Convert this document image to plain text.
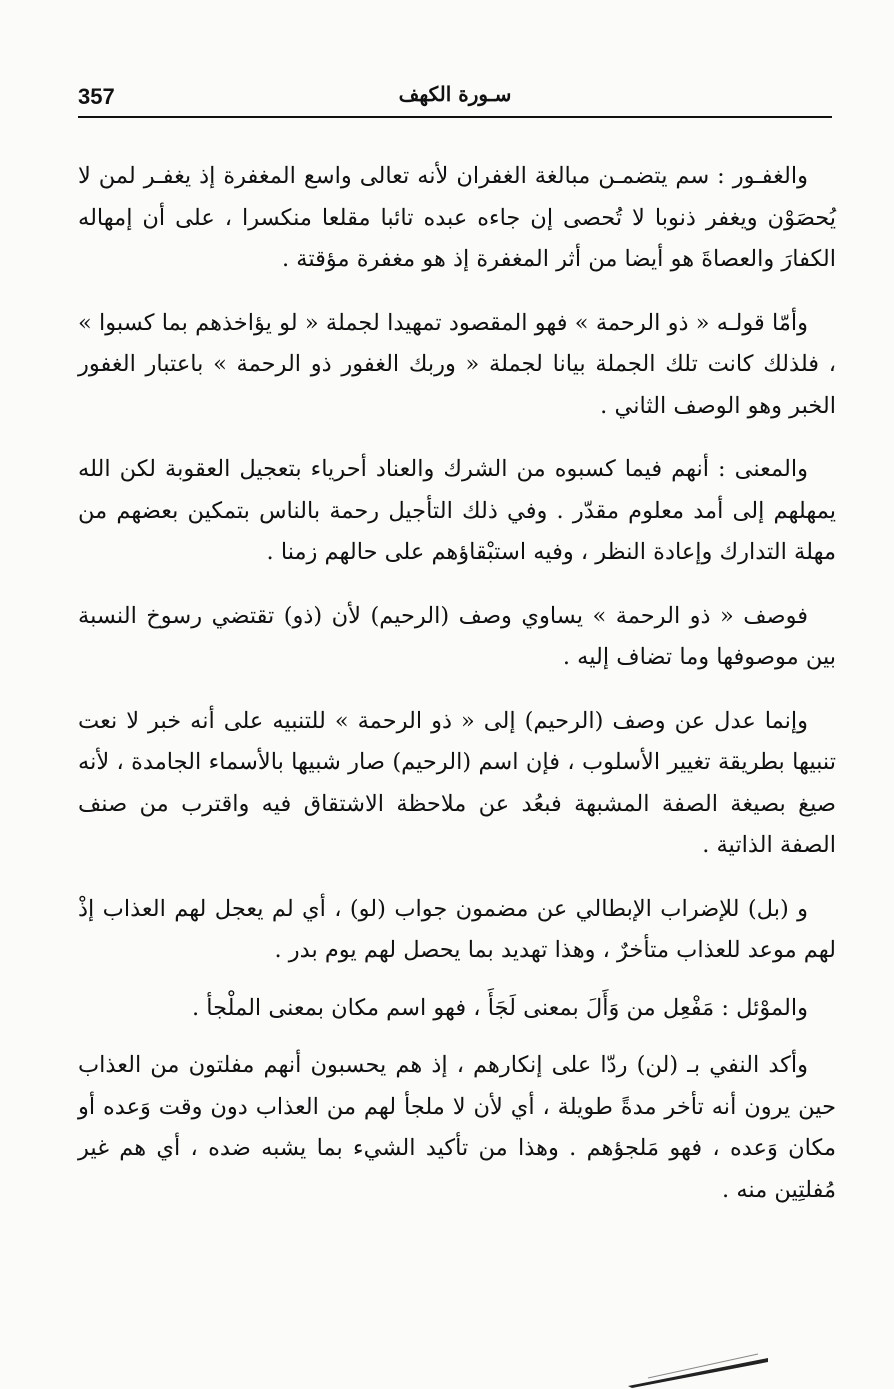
357	سـورة الكهف

والغفـور : سم يتضمـن مبالغة الغفران لأنه تعالى واسع المغفرة إذ يغفـر لمن لا يُحصَوْن ويغفر ذنوبا لا تُحصى إن جاءه عبده تائبا مقلعا منكسرا ، على أن إمهاله الكفارَ والعصاةَ هو أيضا من أثر المغفرة إذ هو مغفرة مؤقتة .

وأمّا قولـه « ذو الرحمة » فهو المقصود تمهيدا لجملة « لو يؤاخذهم بما كسبوا » ، فلذلك كانت تلك الجملة بيانا لجملة « وربك الغفور ذو الرحمة » باعتبار الغفور الخبر وهو الوصف الثاني .

والمعنى : أنهم فيما كسبوه من الشرك والعناد أحرياء بتعجيل العقوبة لكن الله يمهلهم إلى أمد معلوم مقدّر . وفي ذلك التأجيل رحمة بالناس بتمكين بعضهم من مهلة التدارك وإعادة النظر ، وفيه استبْقاؤهم على حالهم زمنا .

فوصف « ذو الرحمة » يساوي وصف (الرحيم) لأن (ذو) تقتضي رسوخ النسبة بين موصوفها وما تضاف إليه .

وإنما عدل عن وصف (الرحيم) إلى « ذو الرحمة » للتنبيه على أنه خبر لا نعت تنبيها بطريقة تغيير الأسلوب ، فإن اسم (الرحيم) صار شبيها بالأسماء الجامدة ، لأنه صيغ بصيغة الصفة المشبهة فبعُد عن ملاحظة الاشتقاق فيه واقترب من صنف الصفة الذاتية .

و (بل) للإضراب الإبطالي عن مضمون جواب (لو) ، أي لم يعجل لهم العذاب إذْ لهم موعد للعذاب متأخرٌ ، وهذا تهديد بما يحصل لهم يوم بدر .

والموْئل : مَفْعِل من وَأَلَ بمعنى لَجَأَ ، فهو اسم مكان بمعنى الملْجأ .

وأكد النفي بـ (لن) ردّا على إنكارهم ، إذ هم يحسبون أنهم مفلتون من العذاب حين يرون أنه تأخر مدةً طويلة ، أي لأن لا ملجأ لهم من العذاب دون وقت وَعده أو مكان وَعده ، فهو مَلجؤهم . وهذا من تأكيد الشيء بما يشبه ضده ، أي هم غير مُفلتِين منه .
